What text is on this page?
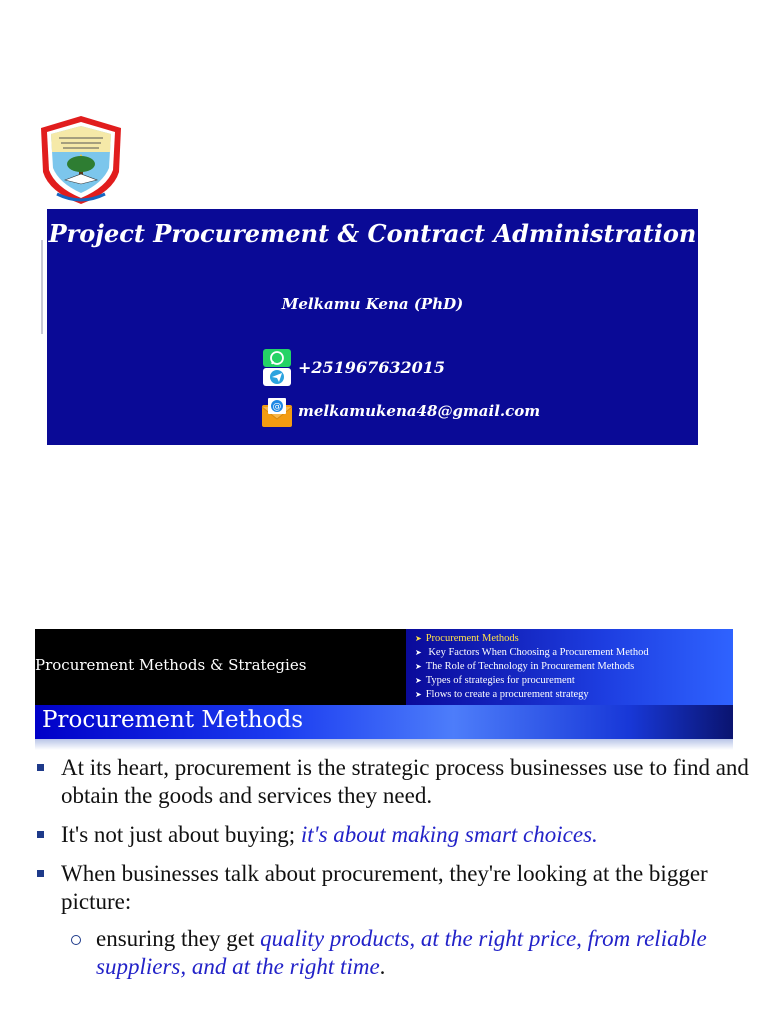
Project Procurement & Contract Administration
Melkamu Kena (PhD)
+251967632015
@ melkamukena48@gmail.com
Procurement Methods & Strategies
➤ Procurement Methods
➤ Key Factors When Choosing a Procurement Method
➤ The Role of Technology in Procurement Methods
➤ Types of strategies for procurement
➤ Flows to create a procurement strategy
Procurement Methods
At its heart, procurement is the strategic process businesses use to find and obtain the goods and services they need.
It's not just about buying; it's about making smart choices.
When businesses talk about procurement, they're looking at the bigger picture:
ensuring they get quality products, at the right price, from reliable suppliers, and at the right time.
